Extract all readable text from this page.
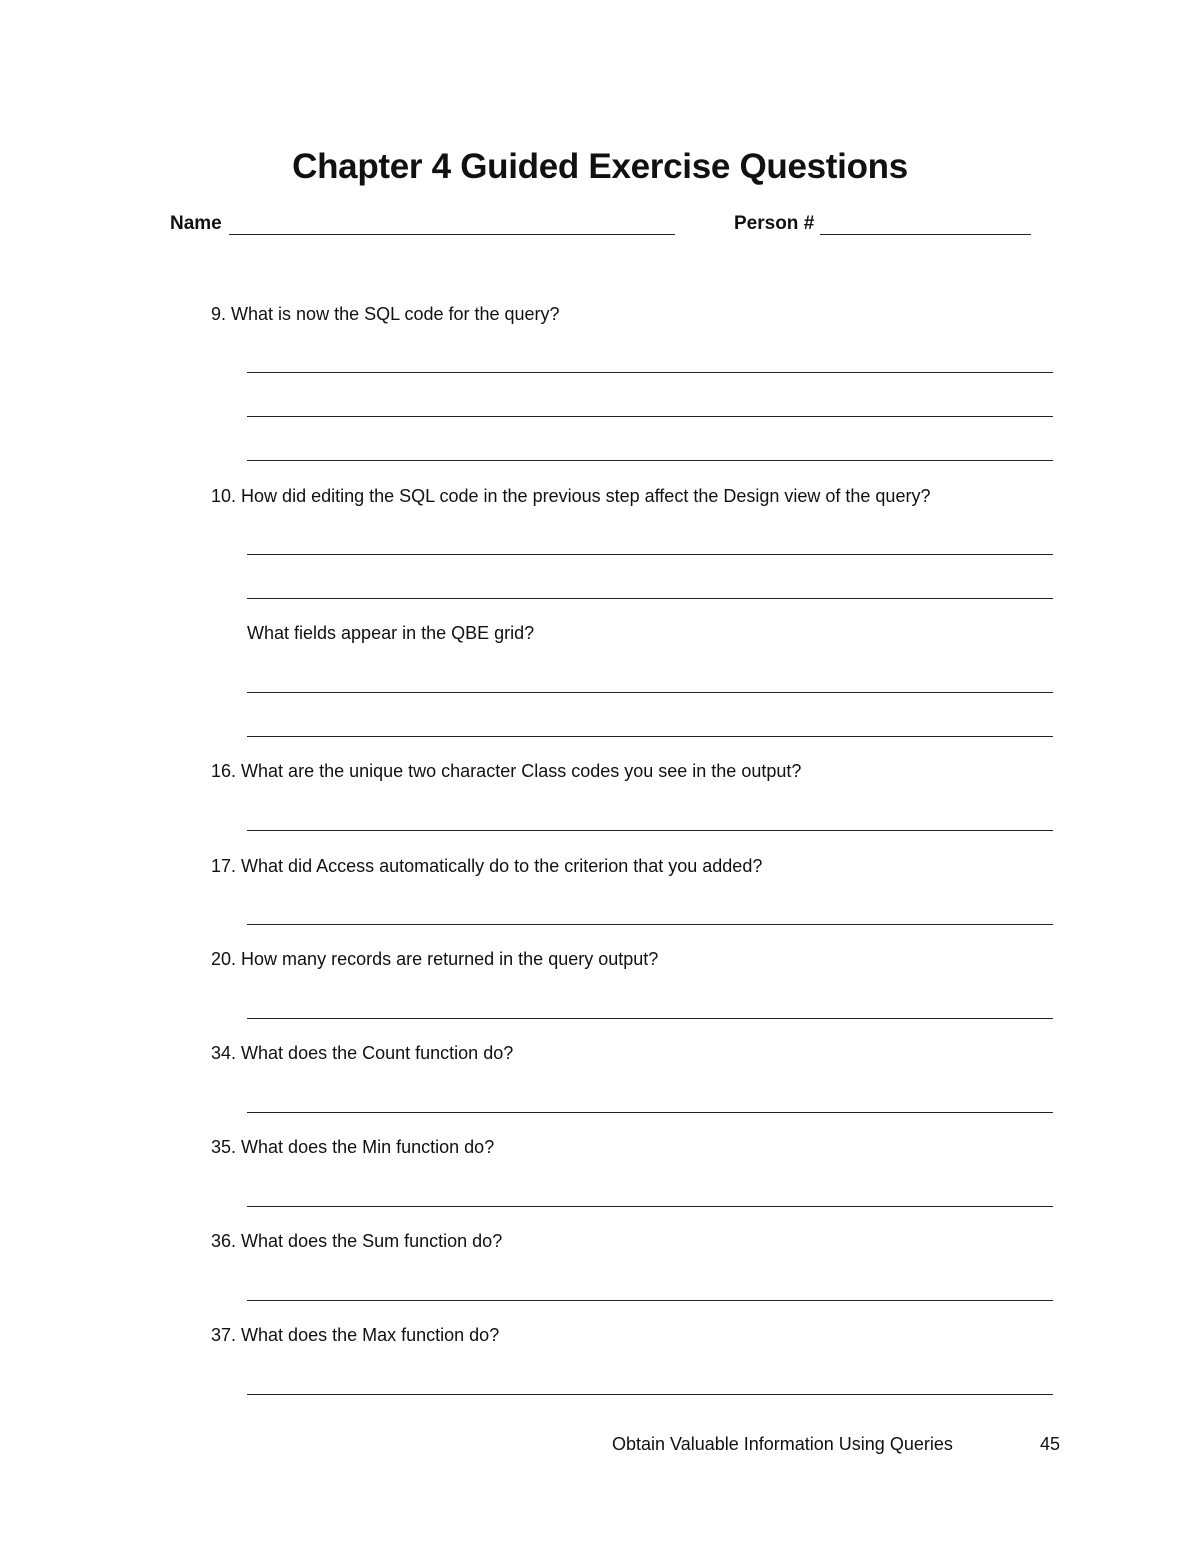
Chapter 4 Guided Exercise Questions
Name	Person #
9. What is now the SQL code for the query?
10. How did editing the SQL code in the previous step affect the Design view of the query?
What fields appear in the QBE grid?
16. What are the unique two character Class codes you see in the output?
17. What did Access automatically do to the criterion that you added?
20. How many records are returned in the query output?
34. What does the Count function do?
35. What does the Min function do?
36. What does the Sum function do?
37. What does the Max function do?
Obtain Valuable Information Using Queries	45
